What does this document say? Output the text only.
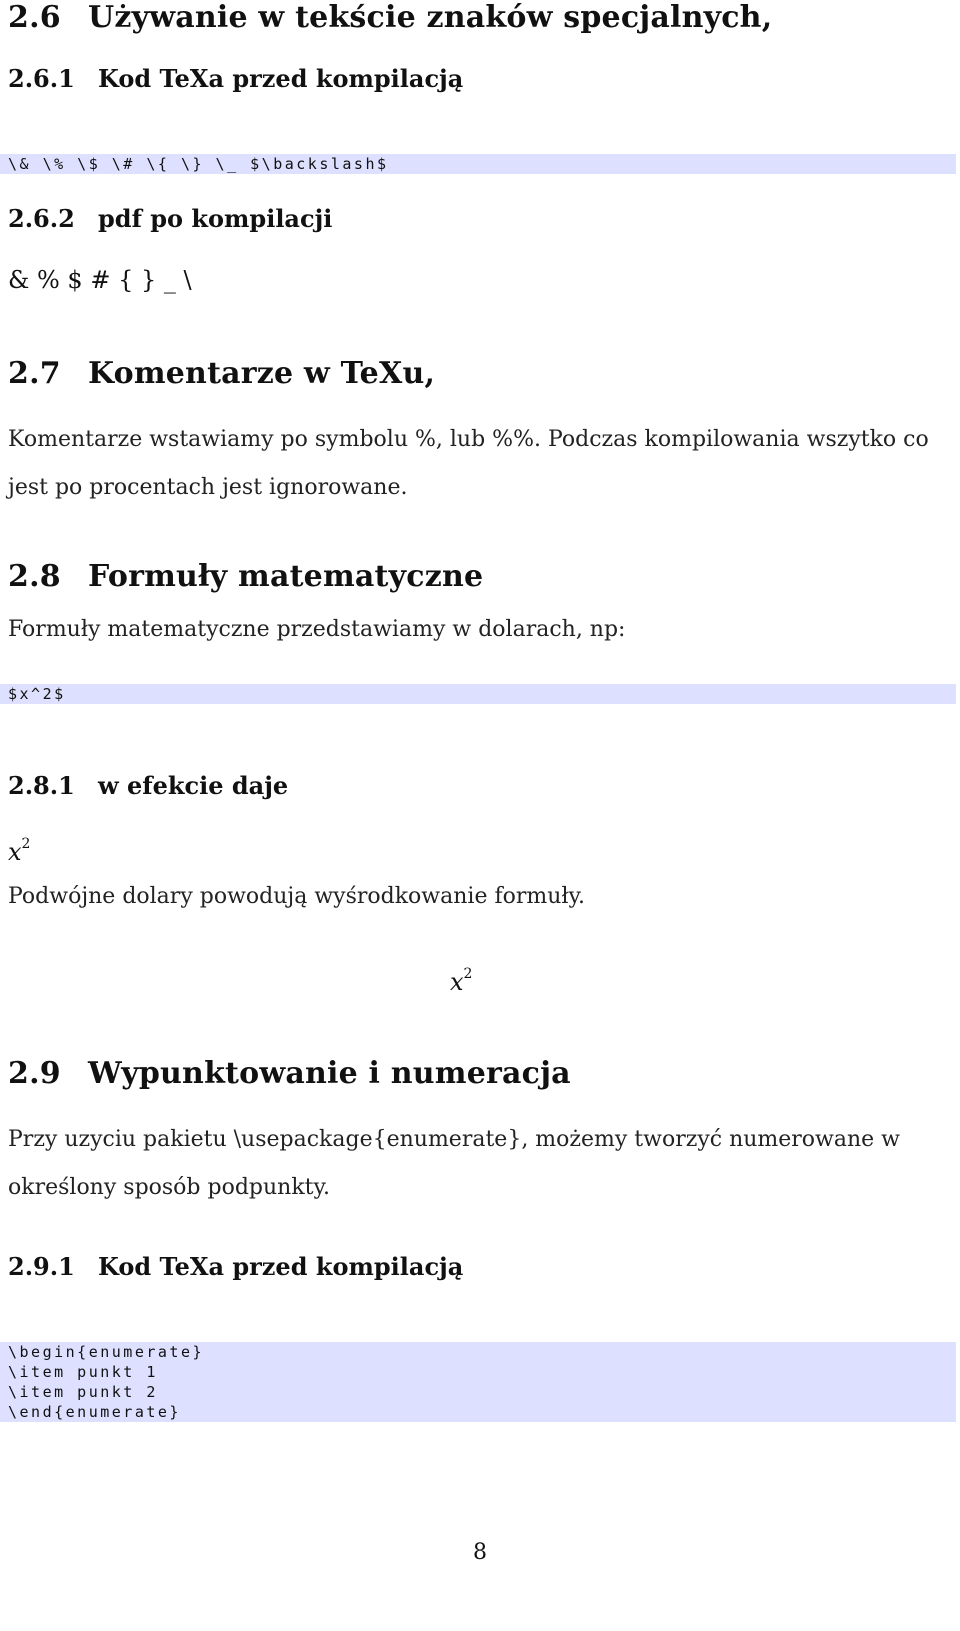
2.6 Używanie w tekście znaków specjalnych,
2.6.1 Kod TeXa przed kompilacją
\& \% \$ \# \{ \} \_ $\backslash$
2.6.2 pdf po kompilacji
& % $ # { } _ \
2.7 Komentarze w TeXu,
Komentarze wstawiamy po symbolu %, lub %%. Podczas kompilowania wszytko co jest po procentach jest ignorowane.
2.8 Formuły matematyczne
Formuły matematyczne przedstawiamy w dolarach, np:
$x^2$
2.8.1 w efekcie daje
$x^2$
Podwójne dolary powodują wyśrodkowanie formuły.
$x^2$
2.9 Wypunktowanie i numeracja
Przy uzyciu pakietu \usepackage{enumerate}, możemy tworzyć numerowane w określony sposób podpunkty.
2.9.1 Kod TeXa przed kompilacją
\begin{enumerate}
\item punkt 1
\item punkt 2
\end{enumerate}
8
